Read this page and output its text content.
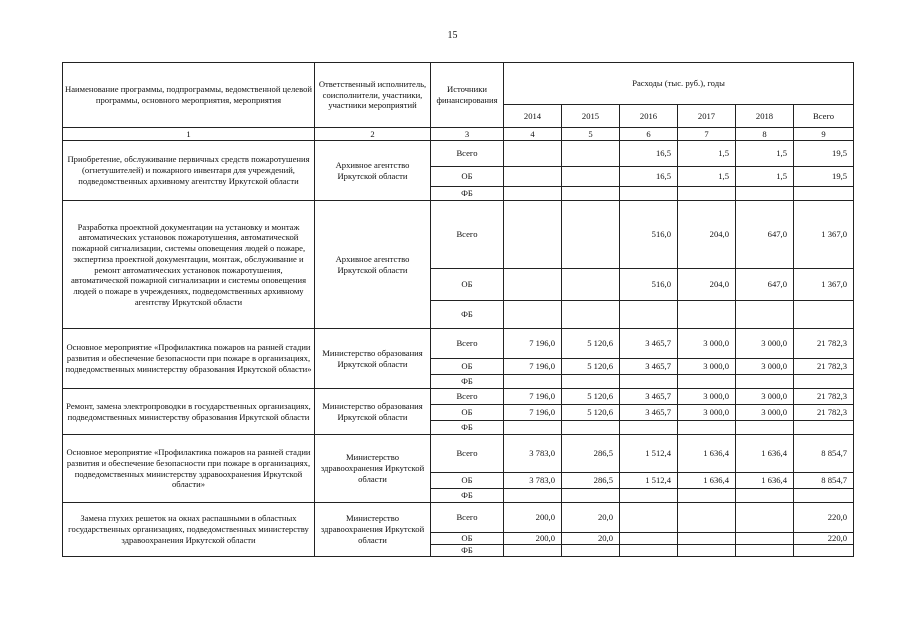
15
Наименование программы, подпрограммы, ведомственной целевой программы, основного мероприятия, мероприятия	Ответственный исполнитель, соисполнители, участники, участники мероприятий	Источники финансирования	Расходы (тыс. руб.), годы					
			2014	2015	2016	2017	2018	Всего
1	2	3	4	5	6	7	8	9
Приобретение, обслуживание первичных средств пожаротушения (огнетушителей) и пожарного инвентаря для учреждений, подведомственных архивному агентству Иркутской области	Архивное агентство Иркутской области	Всего			16,5	1,5	1,5	19,5
		ОБ			16,5	1,5	1,5	19,5
		ФБ						
Разработка проектной документации на установку и монтаж автоматических установок пожаротушения, автоматической пожарной сигнализации, системы оповещения людей о пожаре, экспертиза проектной документации, монтаж, обслуживание и ремонт автоматических установок пожаротушения, автоматической пожарной сигнализации и системы оповещения людей о пожаре в учреждениях, подведомственных архивному агентству Иркутской области	Архивное агентство Иркутской области	Всего			516,0	204,0	647,0	1 367,0
		ОБ			516,0	204,0	647,0	1 367,0
		ФБ						
Основное мероприятие «Профилактика пожаров на ранней стадии развития и обеспечение безопасности при пожаре в организациях, подведомственных министерству образования Иркутской области»	Министерство образования Иркутской области	Всего	7 196,0	5 120,6	3 465,7	3 000,0	3 000,0	21 782,3
		ОБ	7 196,0	5 120,6	3 465,7	3 000,0	3 000,0	21 782,3
		ФБ						
Ремонт, замена электропроводки в государственных организациях, подведомственных министерству образования Иркутской области	Министерство образования Иркутской области	Всего	7 196,0	5 120,6	3 465,7	3 000,0	3 000,0	21 782,3
		ОБ	7 196,0	5 120,6	3 465,7	3 000,0	3 000,0	21 782,3
		ФБ						
Основное мероприятие «Профилактика пожаров на ранней стадии развития и обеспечение безопасности при пожаре в организациях, подведомственных министерству здравоохранения Иркутской области»	Министерство здравоохранения Иркутской области	Всего	3 783,0	286,5	1 512,4	1 636,4	1 636,4	8 854,7
		ОБ	3 783,0	286,5	1 512,4	1 636,4	1 636,4	8 854,7
		ФБ						
Замена глухих решеток на окнах распашными в областных государственных организациях, подведомственных министерству здравоохранения Иркутской области	Министерство здравоохранения Иркутской области	Всего	200,0	20,0				220,0
		ОБ	200,0	20,0				220,0
		ФБ						
